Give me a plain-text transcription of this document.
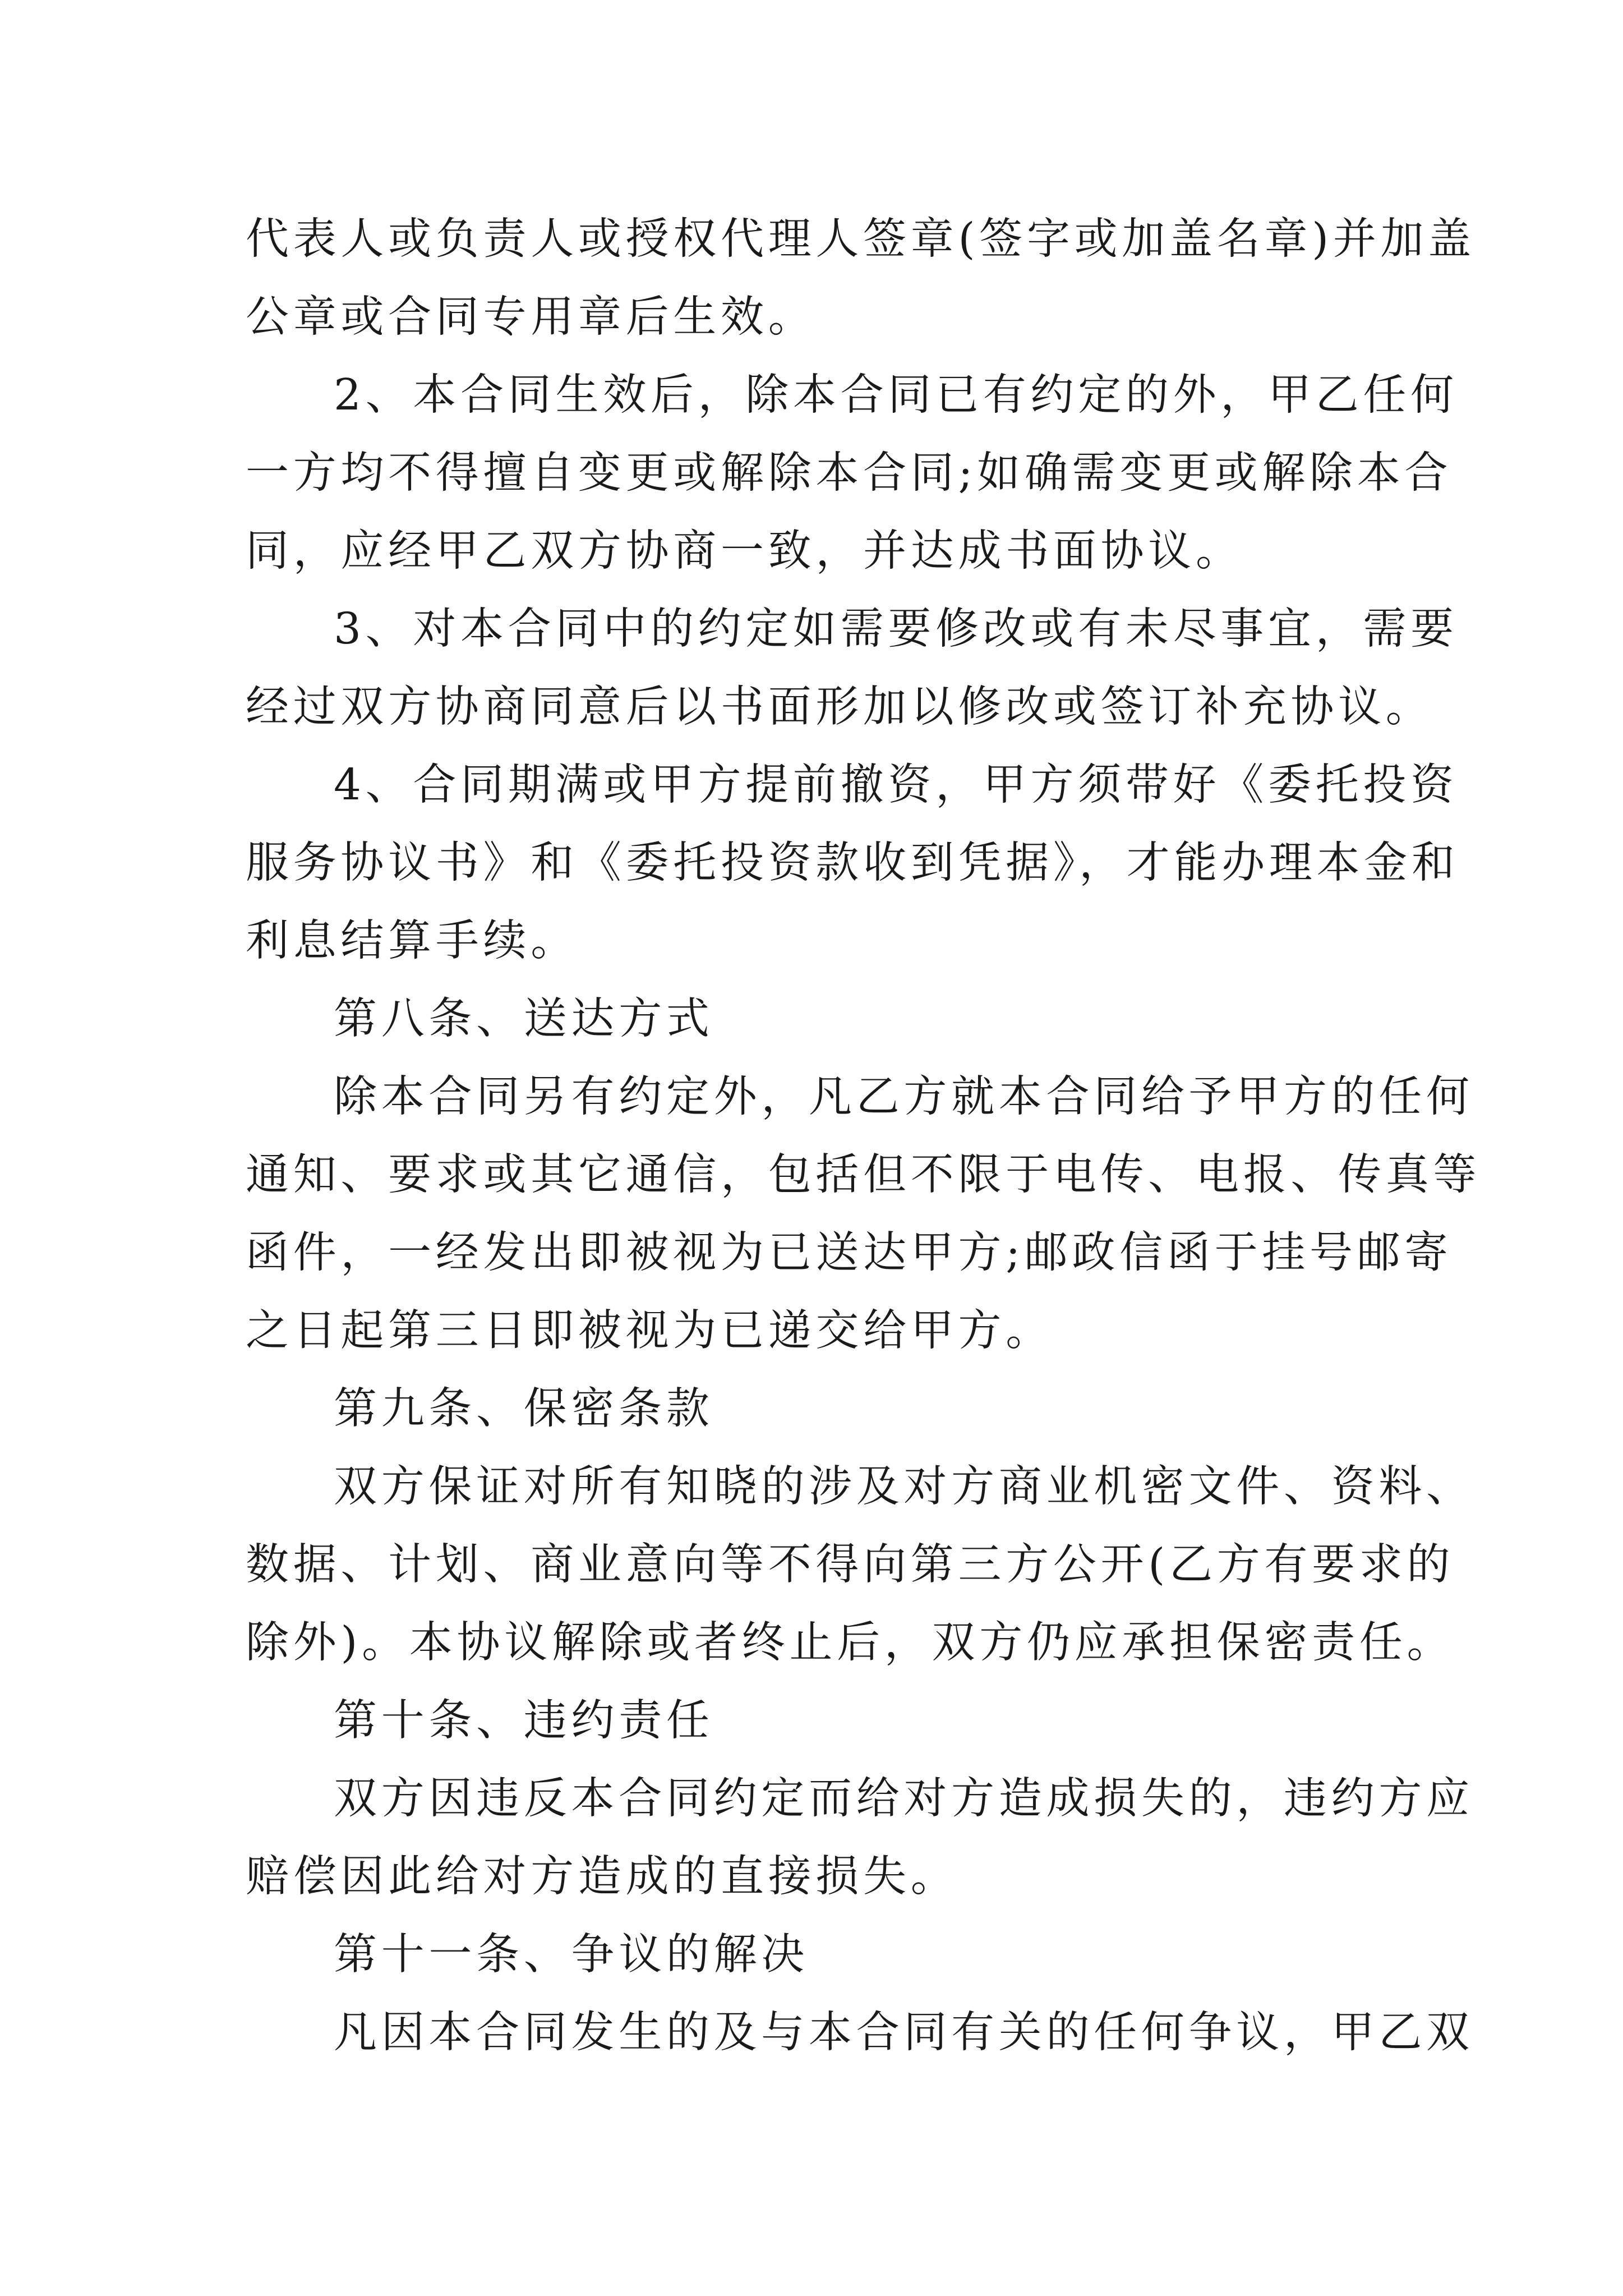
代表人或负责人或授权代理人签章(签字或加盖名章)并加盖
公章或合同专用章后生效。
2、本合同生效后，除本合同已有约定的外，甲乙任何
一方均不得擅自变更或解除本合同;如确需变更或解除本合
同，应经甲乙双方协商一致，并达成书面协议。
3、对本合同中的约定如需要修改或有未尽事宜，需要
经过双方协商同意后以书面形加以修改或签订补充协议。
4、合同期满或甲方提前撤资，甲方须带好《委托投资
服务协议书》和《委托投资款收到凭据》，才能办理本金和
利息结算手续。
第八条、送达方式
除本合同另有约定外，凡乙方就本合同给予甲方的任何
通知、要求或其它通信，包括但不限于电传、电报、传真等
函件，一经发出即被视为已送达甲方;邮政信函于挂号邮寄
之日起第三日即被视为已递交给甲方。
第九条、保密条款
双方保证对所有知晓的涉及对方商业机密文件、资料、
数据、计划、商业意向等不得向第三方公开(乙方有要求的
除外)。本协议解除或者终止后，双方仍应承担保密责任。
第十条、违约责任
双方因违反本合同约定而给对方造成损失的，违约方应
赔偿因此给对方造成的直接损失。
第十一条、争议的解决
凡因本合同发生的及与本合同有关的任何争议，甲乙双
